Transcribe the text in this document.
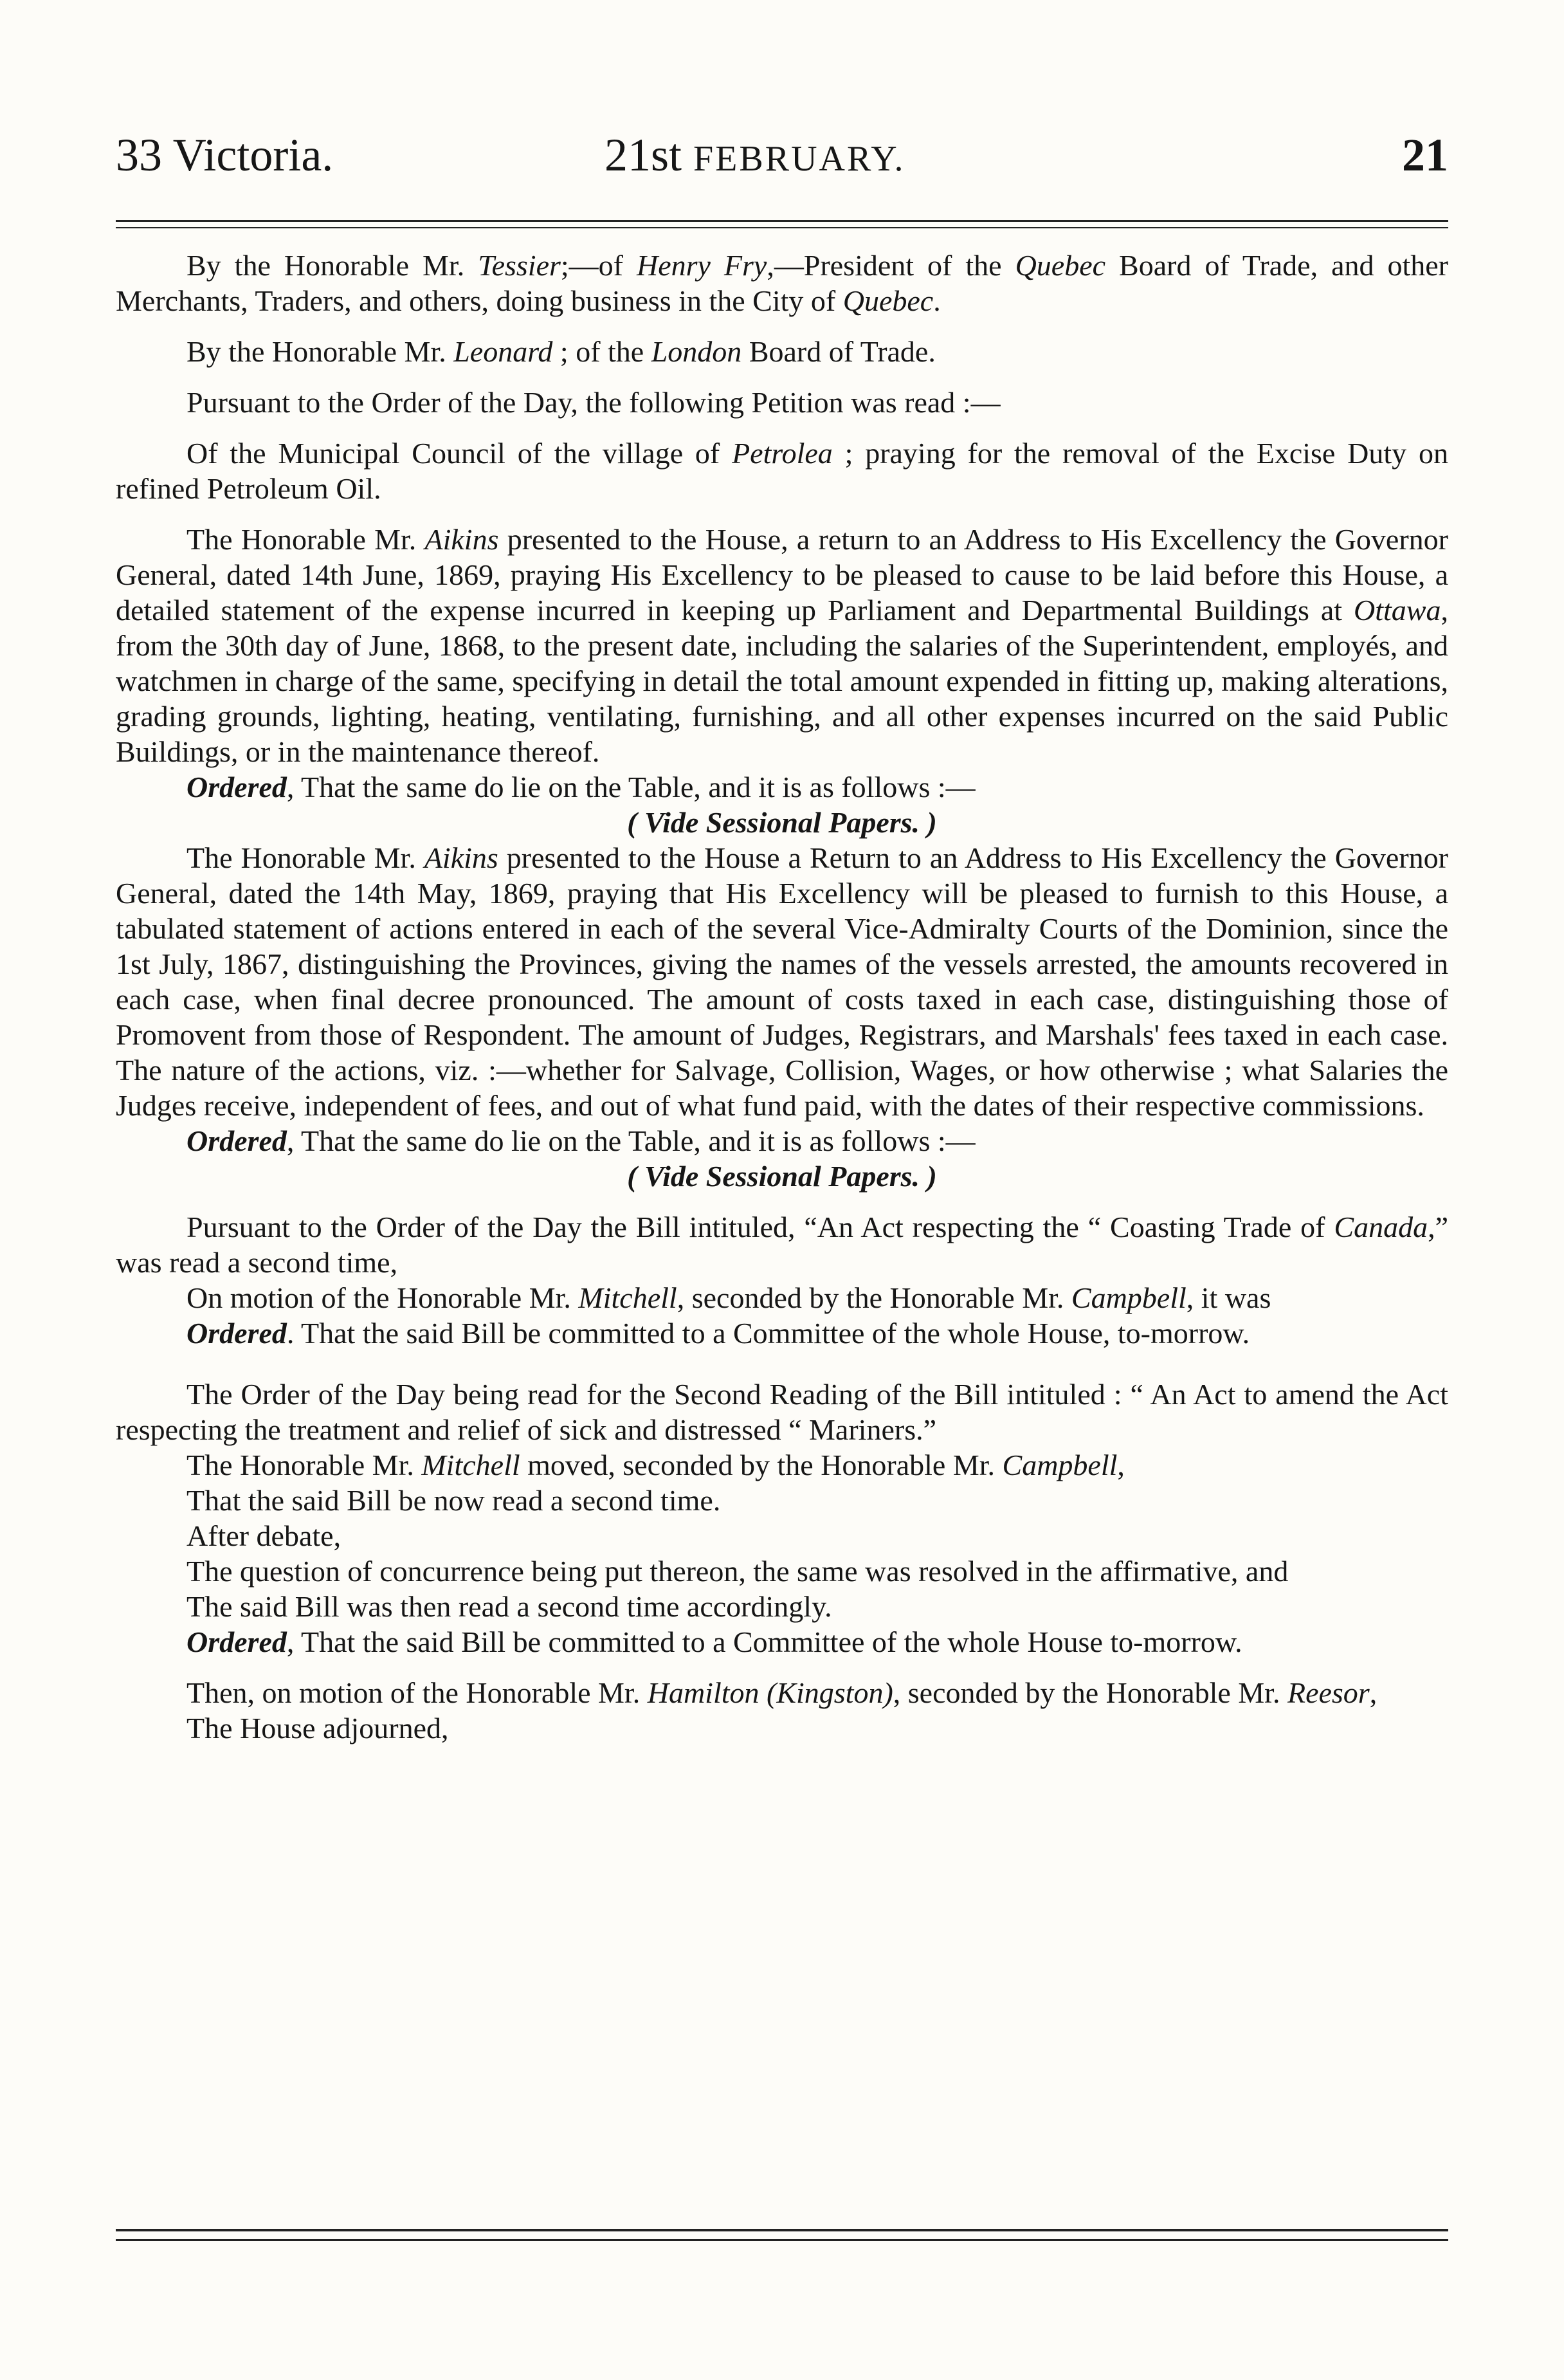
33 Victoria.	21st FEBRUARY.	21

By the Honorable Mr. Tessier;—of Henry Fry,—President of the Quebec Board of Trade, and other Merchants, Traders, and others, doing business in the City of Quebec.

By the Honorable Mr. Leonard ; of the London Board of Trade.

Pursuant to the Order of the Day, the following Petition was read :—

Of the Municipal Council of the village of Petrolea ; praying for the removal of the Excise Duty on refined Petroleum Oil.

The Honorable Mr. Aikins presented to the House, a return to an Address to His Excellency the Governor General, dated 14th June, 1869, praying His Excellency to be pleased to cause to be laid before this House, a detailed statement of the expense incurred in keeping up Parliament and Departmental Buildings at Ottawa, from the 30th day of June, 1868, to the present date, including the salaries of the Superintendent, employés, and watchmen in charge of the same, specifying in detail the total amount expended in fitting up, making alterations, grading grounds, lighting, heating, ventilating, furnishing, and all other expenses incurred on the said Public Buildings, or in the maintenance thereof.

Ordered, That the same do lie on the Table, and it is as follows :—

( Vide Sessional Papers. )

The Honorable Mr. Aikins presented to the House a Return to an Address to His Excellency the Governor General, dated the 14th May, 1869, praying that His Excellency will be pleased to furnish to this House, a tabulated statement of actions entered in each of the several Vice-Admiralty Courts of the Dominion, since the 1st July, 1867, distinguishing the Provinces, giving the names of the vessels arrested, the amounts recovered in each case, when final decree pronounced. The amount of costs taxed in each case, distinguishing those of Promovent from those of Respondent. The amount of Judges, Registrars, and Marshals' fees taxed in each case. The nature of the actions, viz. :—whether for Salvage, Collision, Wages, or how otherwise ; what Salaries the Judges receive, independent of fees, and out of what fund paid, with the dates of their respective commissions.

Ordered, That the same do lie on the Table, and it is as follows :—

( Vide Sessional Papers. )

Pursuant to the Order of the Day the Bill intituled, “An Act respecting the “ Coasting Trade of Canada,” was read a second time,

On motion of the Honorable Mr. Mitchell, seconded by the Honorable Mr. Campbell, it was

Ordered. That the said Bill be committed to a Committee of the whole House, to-morrow.

The Order of the Day being read for the Second Reading of the Bill intituled : “ An Act to amend the Act respecting the treatment and relief of sick and distressed “ Mariners.”

The Honorable Mr. Mitchell moved, seconded by the Honorable Mr. Campbell,

That the said Bill be now read a second time.

After debate,

The question of concurrence being put thereon, the same was resolved in the affirmative, and

The said Bill was then read a second time accordingly.

Ordered, That the said Bill be committed to a Committee of the whole House to-morrow.

Then, on motion of the Honorable Mr. Hamilton (Kingston), seconded by the Honorable Mr. Reesor,

The House adjourned,
